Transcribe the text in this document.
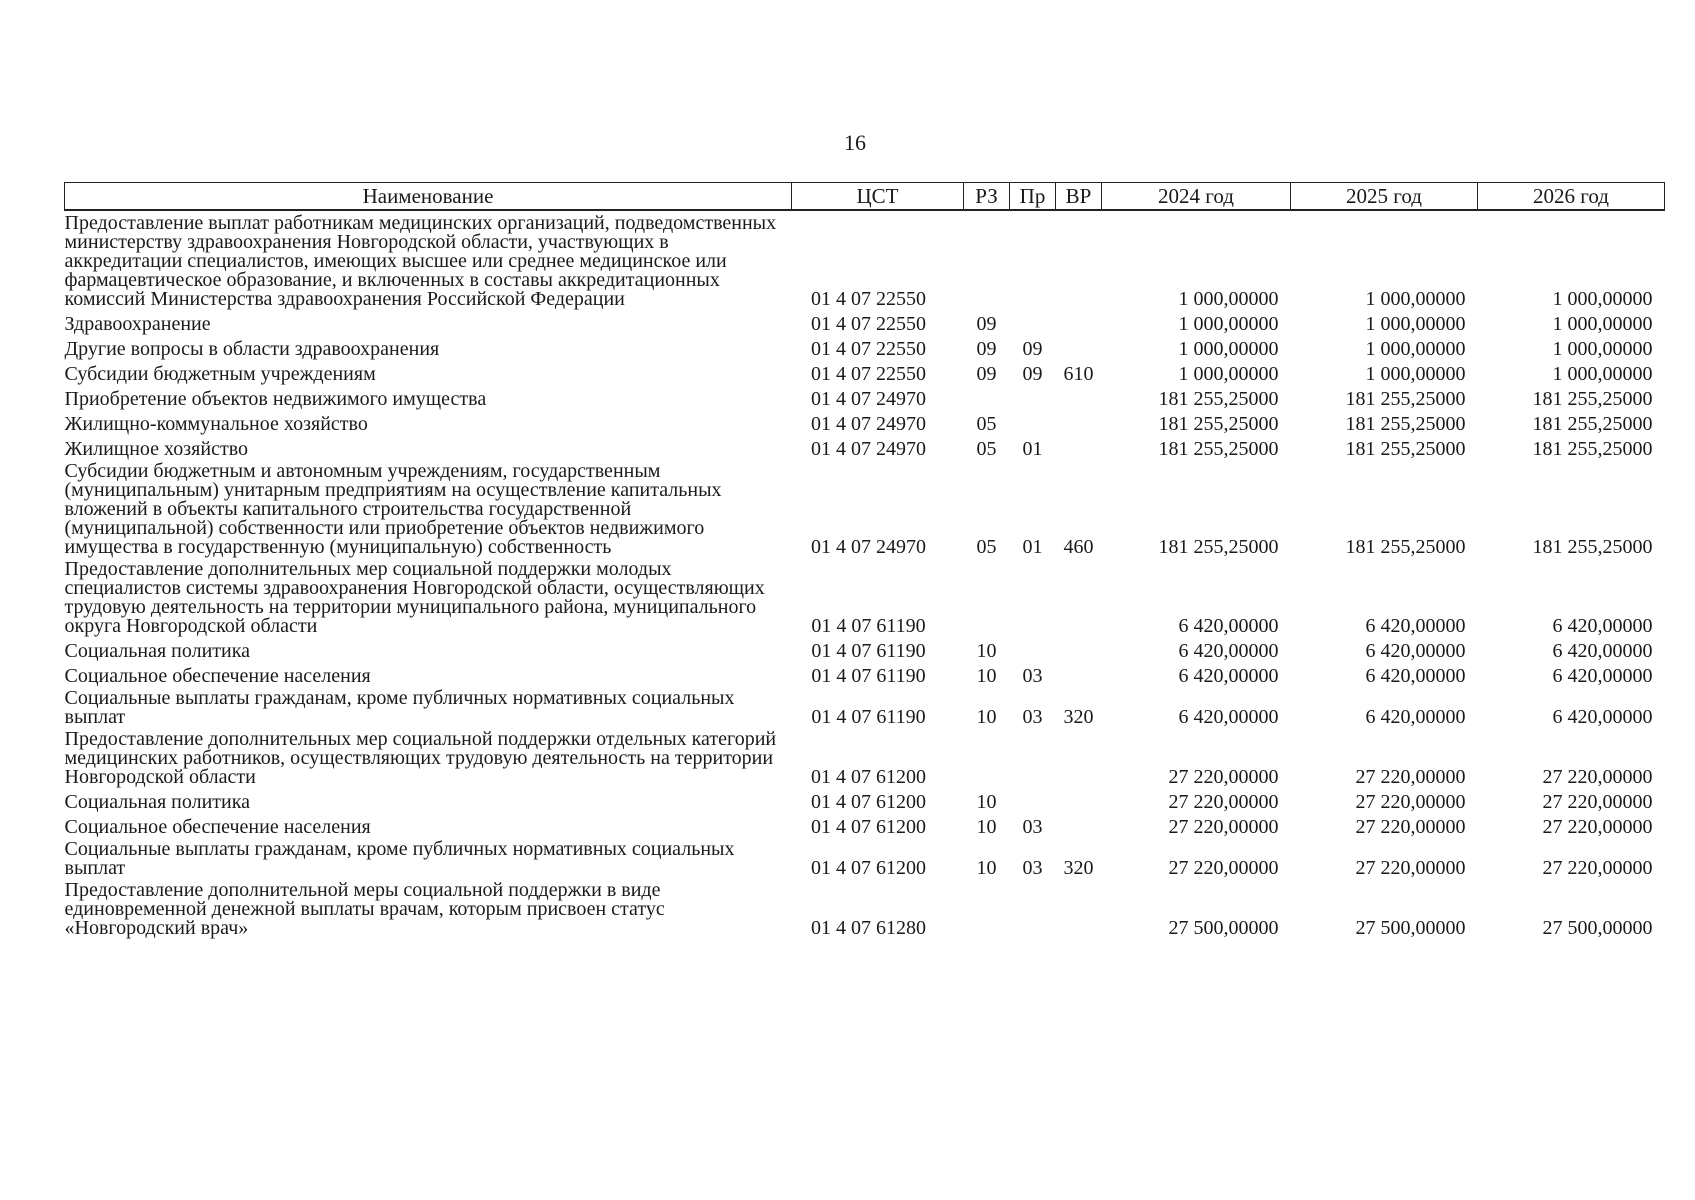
16
Наименование	ЦСТ	РЗ	Пр	ВР	2024 год	2025 год	2026 год
Предоставление выплат работникам медицинских организаций, подведомственных министерству здравоохранения Новгородской области, участвующих в аккредитации специалистов, имеющих высшее или среднее медицинское или фармацевтическое образование, и включенных в составы аккредитационных комиссий Министерства здравоохранения Российской Федерации	01 4 07 22550				1 000,00000	1 000,00000	1 000,00000
Здравоохранение	01 4 07 22550	09			1 000,00000	1 000,00000	1 000,00000
Другие вопросы в области здравоохранения	01 4 07 22550	09	09		1 000,00000	1 000,00000	1 000,00000
Субсидии бюджетным учреждениям	01 4 07 22550	09	09	610	1 000,00000	1 000,00000	1 000,00000
Приобретение объектов недвижимого имущества	01 4 07 24970				181 255,25000	181 255,25000	181 255,25000
Жилищно-коммунальное хозяйство	01 4 07 24970	05			181 255,25000	181 255,25000	181 255,25000
Жилищное хозяйство	01 4 07 24970	05	01		181 255,25000	181 255,25000	181 255,25000
Субсидии бюджетным и автономным учреждениям, государственным (муниципальным) унитарным предприятиям на осуществление капитальных вложений в объекты капитального строительства государственной (муниципальной) собственности или приобретение объектов недвижимого имущества в государственную (муниципальную) собственность	01 4 07 24970	05	01	460	181 255,25000	181 255,25000	181 255,25000
Предоставление дополнительных мер социальной поддержки молодых специалистов системы здравоохранения Новгородской области, осуществляющих трудовую деятельность на территории муниципального района, муниципального округа Новгородской области	01 4 07 61190				6 420,00000	6 420,00000	6 420,00000
Социальная политика	01 4 07 61190	10			6 420,00000	6 420,00000	6 420,00000
Социальное обеспечение населения	01 4 07 61190	10	03		6 420,00000	6 420,00000	6 420,00000
Социальные выплаты гражданам, кроме публичных нормативных социальных выплат	01 4 07 61190	10	03	320	6 420,00000	6 420,00000	6 420,00000
Предоставление дополнительных мер социальной поддержки отдельных категорий медицинских работников, осуществляющих трудовую деятельность на территории Новгородской области	01 4 07 61200				27 220,00000	27 220,00000	27 220,00000
Социальная политика	01 4 07 61200	10			27 220,00000	27 220,00000	27 220,00000
Социальное обеспечение населения	01 4 07 61200	10	03		27 220,00000	27 220,00000	27 220,00000
Социальные выплаты гражданам, кроме публичных нормативных социальных выплат	01 4 07 61200	10	03	320	27 220,00000	27 220,00000	27 220,00000
Предоставление дополнительной меры социальной поддержки в виде единовременной денежной выплаты врачам, которым присвоен статус «Новгородский врач»	01 4 07 61280				27 500,00000	27 500,00000	27 500,00000
